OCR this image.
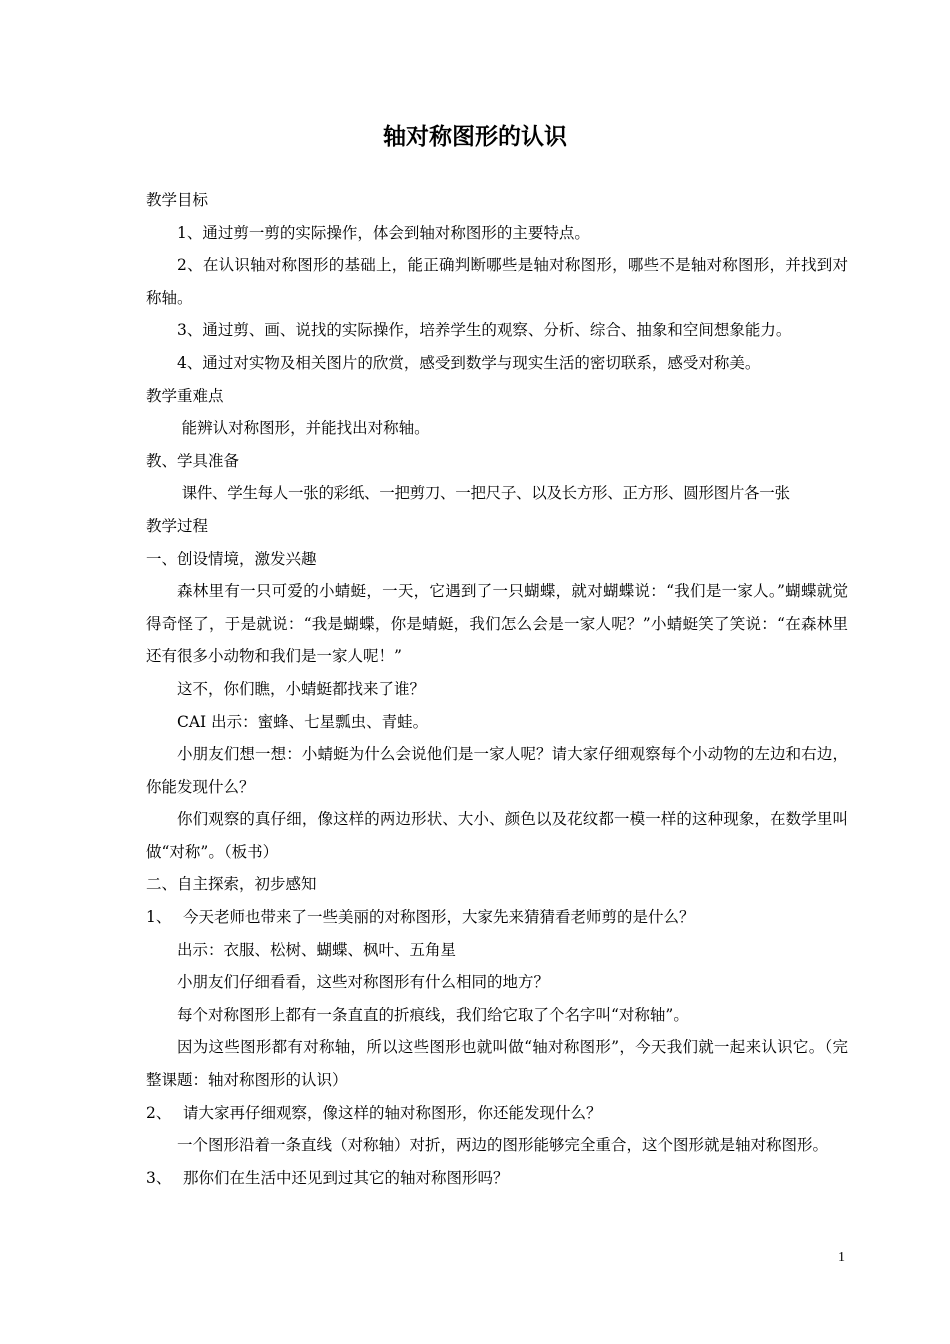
轴对称图形的认识

教学目标

1、通过剪一剪的实际操作，体会到轴对称图形的主要特点。

2、在认识轴对称图形的基础上，能正确判断哪些是轴对称图形，哪些不是轴对称图形，并找到对称轴。

3、通过剪、画、说找的实际操作，培养学生的观察、分析、综合、抽象和空间想象能力。

4、通过对实物及相关图片的欣赏，感受到数学与现实生活的密切联系，感受对称美。

教学重难点

能辨认对称图形，并能找出对称轴。

教、学具准备

课件、学生每人一张的彩纸、一把剪刀、一把尺子、以及长方形、正方形、圆形图片各一张

教学过程

一、创设情境，激发兴趣

森林里有一只可爱的小蜻蜓，一天，它遇到了一只蝴蝶，就对蝴蝶说：“我们是一家人。”蝴蝶就觉得奇怪了，于是就说：“我是蝴蝶，你是蜻蜓，我们怎么会是一家人呢？”小蜻蜓笑了笑说：“在森林里还有很多小动物和我们是一家人呢！”

这不，你们瞧，小蜻蜓都找来了谁？

CAI 出示：蜜蜂、七星瓢虫、青蛙。

小朋友们想一想：小蜻蜓为什么会说他们是一家人呢？请大家仔细观察每个小动物的左边和右边，你能发现什么？

你们观察的真仔细，像这样的两边形状、大小、颜色以及花纹都一模一样的这种现象，在数学里叫做“对称”。（板书）

二、自主探索，初步感知

1、 今天老师也带来了一些美丽的对称图形，大家先来猜猜看老师剪的是什么？

出示：衣服、松树、蝴蝶、枫叶、五角星

小朋友们仔细看看，这些对称图形有什么相同的地方？

每个对称图形上都有一条直直的折痕线，我们给它取了个名字叫“对称轴”。

因为这些图形都有对称轴，所以这些图形也就叫做“轴对称图形”，今天我们就一起来认识它。（完整课题：轴对称图形的认识）

2、 请大家再仔细观察，像这样的轴对称图形，你还能发现什么？

一个图形沿着一条直线（对称轴）对折，两边的图形能够完全重合，这个图形就是轴对称图形。

3、 那你们在生活中还见到过其它的轴对称图形吗？
1
